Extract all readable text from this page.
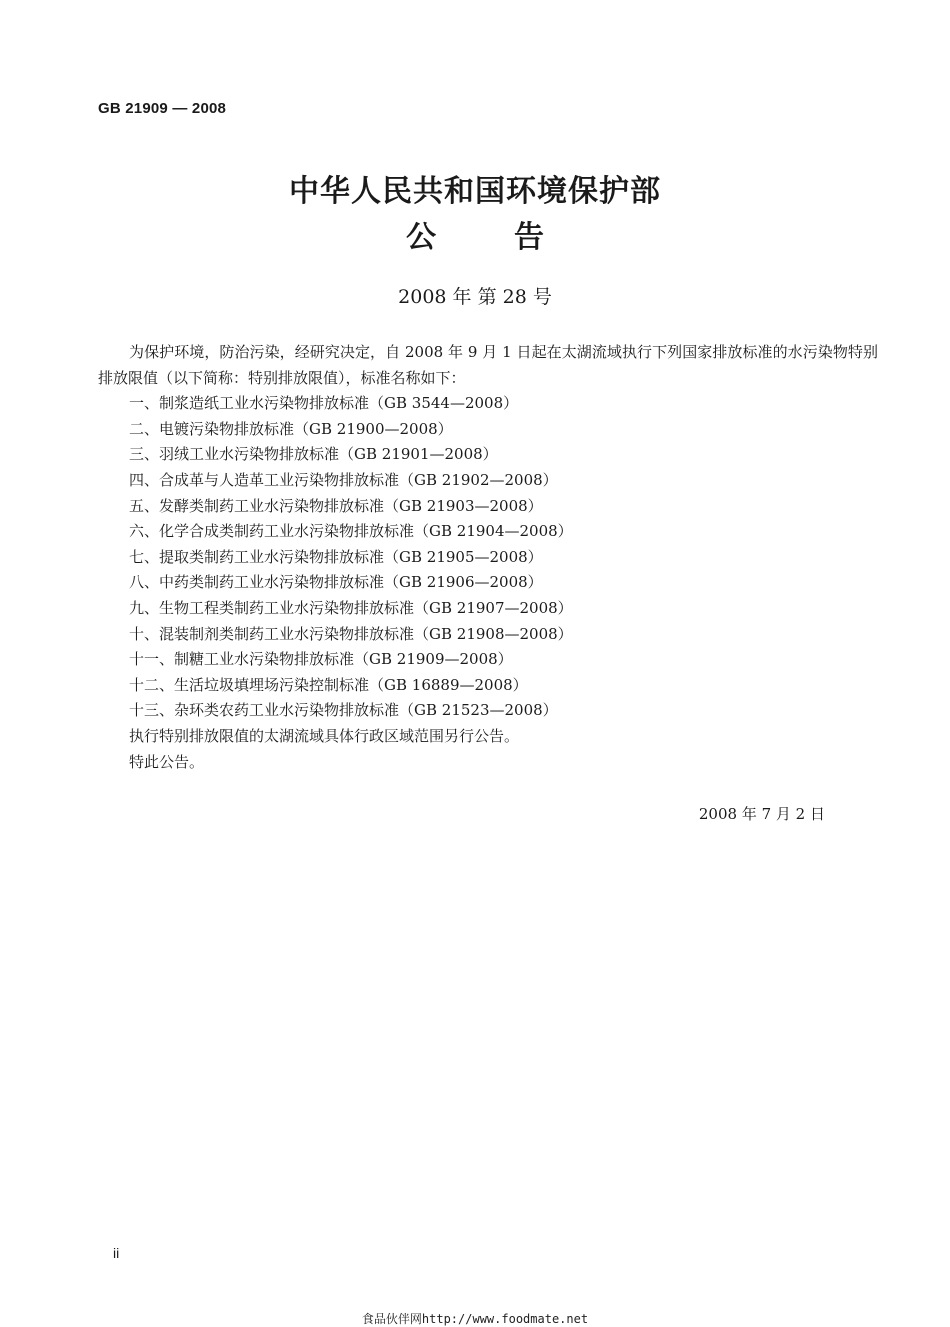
GB 21909 — 2008
中华人民共和国环境保护部
公告
2008 年 第 28 号

为保护环境，防治污染，经研究决定，自 2008 年 9 月 1 日起在太湖流域执行下列国家排放标准的水污染物特别排放限值（以下简称：特别排放限值），标准名称如下：

一、制浆造纸工业水污染物排放标准（GB 3544—2008）
二、电镀污染物排放标准（GB 21900—2008）
三、羽绒工业水污染物排放标准（GB 21901—2008）
四、合成革与人造革工业污染物排放标准（GB 21902—2008）
五、发酵类制药工业水污染物排放标准（GB 21903—2008）
六、化学合成类制药工业水污染物排放标准（GB 21904—2008）
七、提取类制药工业水污染物排放标准（GB 21905—2008）
八、中药类制药工业水污染物排放标准（GB 21906—2008）
九、生物工程类制药工业水污染物排放标准（GB 21907—2008）
十、混装制剂类制药工业水污染物排放标准（GB 21908—2008）
十一、制糖工业水污染物排放标准（GB 21909—2008）
十二、生活垃圾填埋场污染控制标准（GB 16889—2008）
十三、杂环类农药工业水污染物排放标准（GB 21523—2008）

执行特别排放限值的太湖流域具体行政区域范围另行公告。

特此公告。

2008 年 7 月 2 日
ii
食品伙伴网http://www.foodmate.net
